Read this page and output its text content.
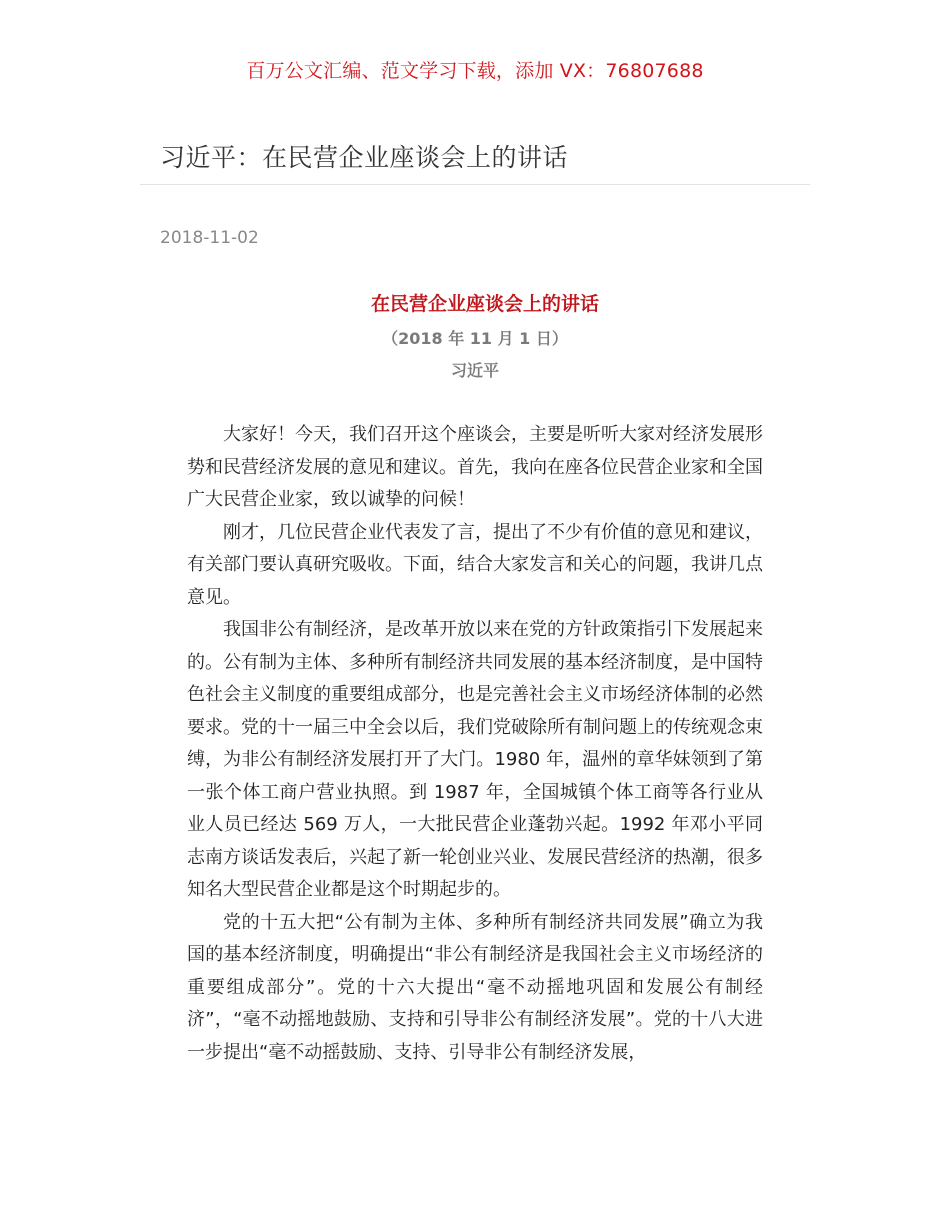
百万公文汇编、范文学习下载，添加 VX：76807688
习近平：在民营企业座谈会上的讲话
2018-11-02
在民营企业座谈会上的讲话
（2018 年 11 月 1 日）
习近平

大家好！今天，我们召开这个座谈会，主要是听听大家对经济发展形势和民营经济发展的意见和建议。首先，我向在座各位民营企业家和全国广大民营企业家，致以诚挚的问候！

刚才，几位民营企业代表发了言，提出了不少有价值的意见和建议，有关部门要认真研究吸收。下面，结合大家发言和关心的问题，我讲几点意见。

我国非公有制经济，是改革开放以来在党的方针政策指引下发展起来的。公有制为主体、多种所有制经济共同发展的基本经济制度，是中国特色社会主义制度的重要组成部分，也是完善社会主义市场经济体制的必然要求。党的十一届三中全会以后，我们党破除所有制问题上的传统观念束缚，为非公有制经济发展打开了大门。1980 年，温州的章华妹领到了第一张个体工商户营业执照。到 1987 年，全国城镇个体工商等各行业从业人员已经达 569 万人，一大批民营企业蓬勃兴起。1992 年邓小平同志南方谈话发表后，兴起了新一轮创业兴业、发展民营经济的热潮，很多知名大型民营企业都是这个时期起步的。

党的十五大把“公有制为主体、多种所有制经济共同发展”确立为我国的基本经济制度，明确提出“非公有制经济是我国社会主义市场经济的重要组成部分”。党的十六大提出“毫不动摇地巩固和发展公有制经济”，“毫不动摇地鼓励、支持和引导非公有制经济发展”。党的十八大进一步提出“毫不动摇鼓励、支持、引导非公有制经济发展，
